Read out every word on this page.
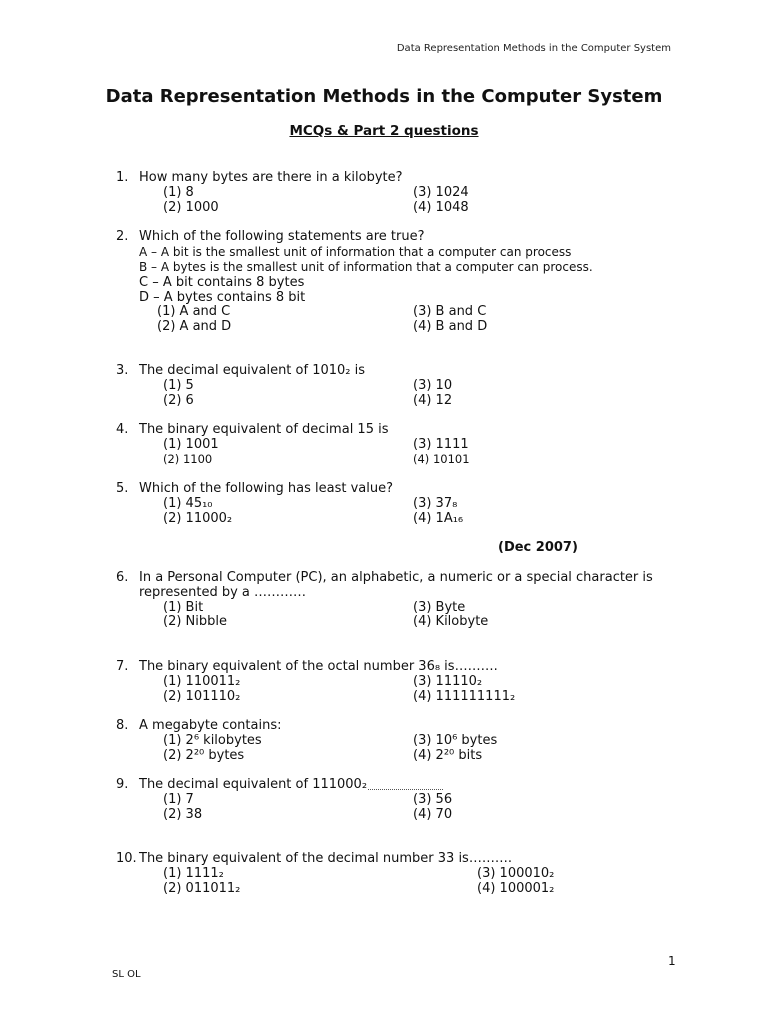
Data Representation Methods in the Computer System
Data Representation Methods in the Computer System
MCQs & Part 2 questions
1. How many bytes are there in a kilobyte?
(1) 8
(2) 1000
(3) 1024
(4) 1048
2. Which of the following statements are true?
A – A bit is the smallest unit of information that a computer can process
B – A bytes is the smallest unit of information that a computer can process.
C – A bit contains 8 bytes
D – A bytes contains 8 bit
(1) A and C
(2) A and D
(3) B and C
(4) B and D
3. The decimal equivalent of 1010₂ is
(1) 5
(2) 6
(3) 10
(4) 12
4. The binary equivalent of decimal 15 is
(1) 1001
(2) 1100
(3) 1111
(4) 10101
5. Which of the following has least value?
(1) 45₁₀
(2) 11000₂
(3) 37₈
(4) 1A₁₆
(Dec 2007)
6. In a Personal Computer (PC), an alphabetic, a numeric or a special character is represented by a …………
(1) Bit
(2) Nibble
(3) Byte
(4) Kilobyte
7. The binary equivalent of the octal number 36₈ is……….
(1) 110011₂
(2) 101110₂
(3) 11110₂
(4) 111111111₂
8. A megabyte contains:
(1) 2⁶ kilobytes
(2) 2²⁰ bytes
(3) 10⁶ bytes
(4) 2²⁰ bits
9. The decimal equivalent of 111000₂
(1) 7
(2) 38
(3) 56
(4) 70
10. The binary equivalent of the decimal number 33 is……….
(1) 1111₂
(2) 011011₂
(3) 100010₂
(4) 100001₂
1
SL OL
